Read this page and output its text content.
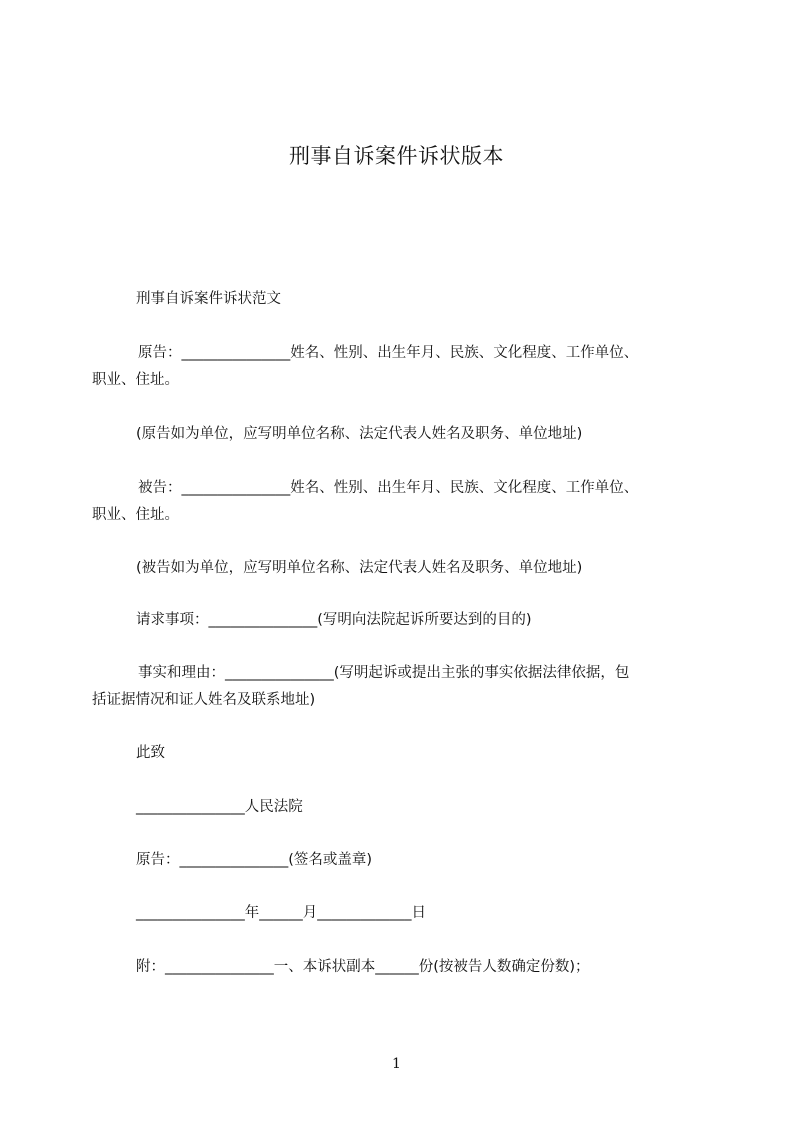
刑事自诉案件诉状版本
刑事自诉案件诉状范文
原告：_______________姓名、性别、出生年月、民族、文化程度、工作单位、
职业、住址。
(原告如为单位，应写明单位名称、法定代表人姓名及职务、单位地址)
被告：_______________姓名、性别、出生年月、民族、文化程度、工作单位、
职业、住址。
(被告如为单位，应写明单位名称、法定代表人姓名及职务、单位地址)
请求事项：_______________(写明向法院起诉所要达到的目的)
事实和理由：_______________(写明起诉或提出主张的事实依据法律依据，包
括证据情况和证人姓名及联系地址)
此致
_______________人民法院
原告：_______________(签名或盖章)
_______________年______月_____________日
附：_______________一、本诉状副本______份(按被告人数确定份数)；
1
